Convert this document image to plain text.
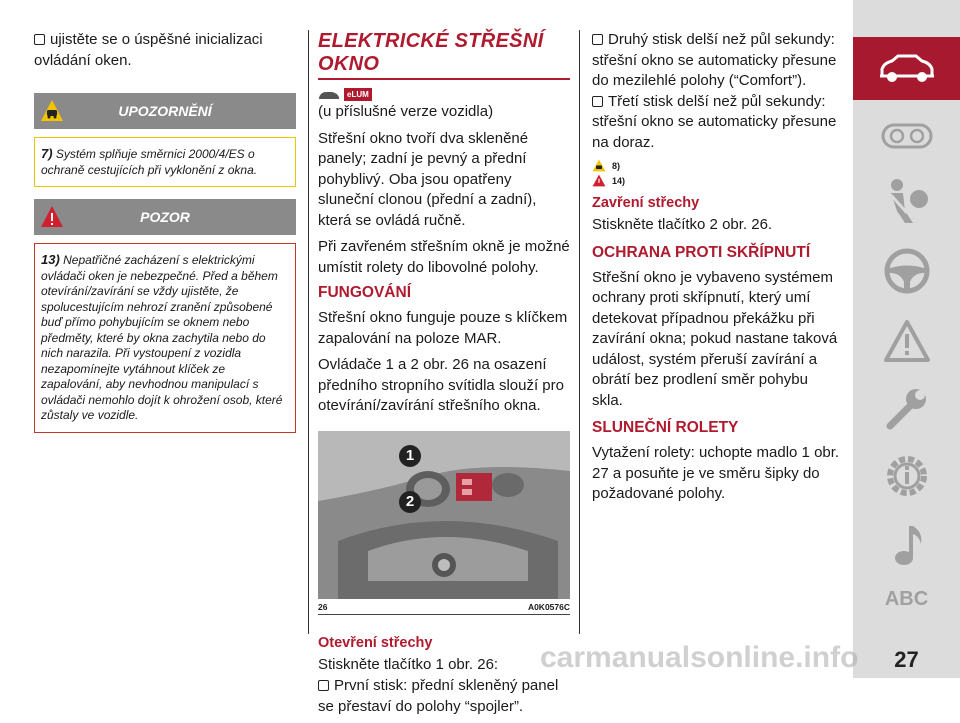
ujistěte se o úspěšné inicializaci ovládání oken.

UPOZORNĚNÍ
7) Systém splňuje směrnici 2000/4/ES o ochraně cestujících při vyklonění z okna.
POZOR
13) Nepatřičné zacházení s elektrickými ovládači oken je nebezpečné. Před a během otevírání/zavírání se vždy ujistěte, že spolucestujícím nehrozí zranění způsobené buď přímo pohybujícím se oknem nebo předměty, které by okna zachytila nebo do nich narazila. Při vystoupení z vozidla nezapomínejte vytáhnout klíček ze zapalování, aby nevhodnou manipulací s ovládači nemohlo dojít k ohrožení osob, které zůstaly ve vozidle.
ELEKTRICKÉ STŘEŠNÍ OKNO
eLUM

(u příslušné verze vozidla)

Střešní okno tvoří dva skleněné panely; zadní je pevný a přední pohyblivý. Oba jsou opatřeny sluneční clonou (přední a zadní), která se ovládá ručně.

Při zavřeném střešním okně je možné umístit rolety do libovolné polohy.

FUNGOVÁNÍ

Střešní okno funguje pouze s klíčkem zapalování na poloze MAR.

Ovládače 1 a 2 obr. 26 na osazení předního stropního svítidla slouží pro otevírání/zavírání střešního okna.

1
2
26	A0K0576C
Otevření střechy

Stiskněte tlačítko 1 obr. 26:

První stisk: přední skleněný panel se přestaví do polohy “spojler”.

Druhý stisk delší než půl sekundy: střešní okno se automaticky přesune do mezilehlé polohy (“Comfort”).

Třetí stisk delší než půl sekundy: střešní okno se automaticky přesune na doraz.

8)
14)
Zavření střechy

Stiskněte tlačítko 2 obr. 26.

OCHRANA PROTI SKŘÍPNUTÍ

Střešní okno je vybaveno systémem ochrany proti skřípnutí, který umí detekovat případnou překážku při zavírání okna; pokud nastane taková událost, systém přeruší zavírání a obrátí bez prodlení směr pohybu skla.

SLUNEČNÍ ROLETY

Vytažení rolety: uchopte madlo 1 obr. 27 a posuňte je ve směru šipky do požadované polohy.

ABC
27
carmanualsonline.info
